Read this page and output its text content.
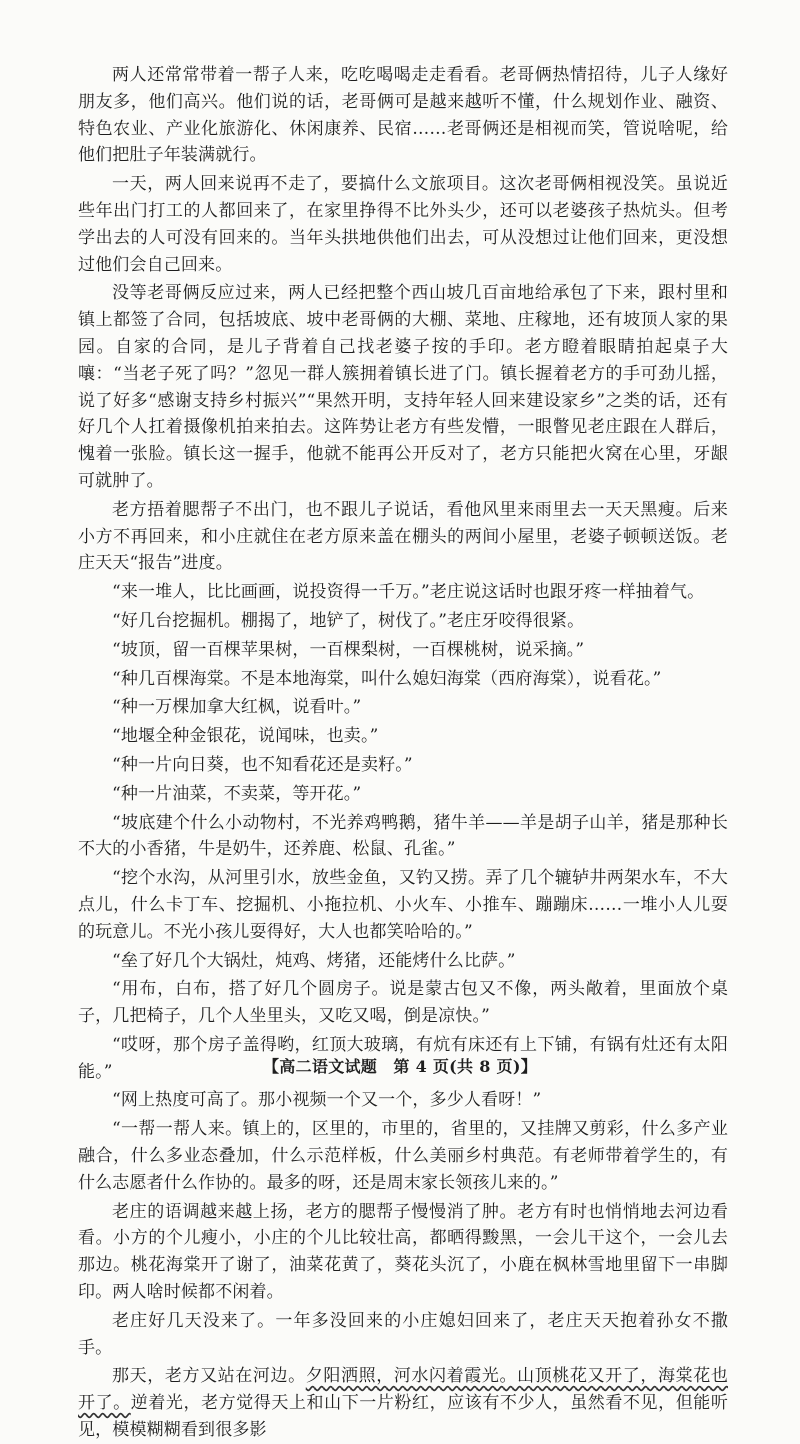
两人还常常带着一帮子人来，吃吃喝喝走走看看。老哥俩热情招待，儿子人缘好朋友多，他们高兴。他们说的话，老哥俩可是越来越听不懂，什么规划作业、融资、特色农业、产业化旅游化、休闲康养、民宿……老哥俩还是相视而笑，管说啥呢，给他们把肚子年装满就行。

一天，两人回来说再不走了，要搞什么文旅项目。这次老哥俩相视没笑。虽说近些年出门打工的人都回来了，在家里挣得不比外头少，还可以老婆孩子热炕头。但考学出去的人可没有回来的。当年头拱地供他们出去，可从没想过让他们回来，更没想过他们会自己回来。

没等老哥俩反应过来，两人已经把整个西山坡几百亩地给承包了下来，跟村里和镇上都签了合同，包括坡底、坡中老哥俩的大棚、菜地、庄稼地，还有坡顶人家的果园。自家的合同，是儿子背着自己找老婆子按的手印。老方瞪着眼睛拍起桌子大嚷：“当老子死了吗？”忽见一群人簇拥着镇长进了门。镇长握着老方的手可劲儿摇，说了好多“感谢支持乡村振兴”“果然开明，支持年轻人回来建设家乡”之类的话，还有好几个人扛着摄像机拍来拍去。这阵势让老方有些发懵，一眼瞥见老庄跟在人群后，愧着一张脸。镇长这一握手，他就不能再公开反对了，老方只能把火窝在心里，牙龈可就肿了。

老方捂着腮帮子不出门，也不跟儿子说话，看他风里来雨里去一天天黑瘦。后来小方不再回来，和小庄就住在老方原来盖在棚头的两间小屋里，老婆子顿顿送饭。老庄天天“报告”进度。

“来一堆人，比比画画，说投资得一千万。”老庄说这话时也跟牙疼一样抽着气。

“好几台挖掘机。棚揭了，地铲了，树伐了。”老庄牙咬得很紧。

“坡顶，留一百棵苹果树，一百棵梨树，一百棵桃树，说采摘。”

“种几百棵海棠。不是本地海棠，叫什么媳妇海棠（西府海棠），说看花。”

“种一万棵加拿大红枫，说看叶。”

“地堰全种金银花，说闻味，也卖。”

“种一片向日葵，也不知看花还是卖籽。”

“种一片油菜，不卖菜，等开花。”

“坡底建个什么小动物村，不光养鸡鸭鹅，猪牛羊——羊是胡子山羊，猪是那种长不大的小香猪，牛是奶牛，还养鹿、松鼠、孔雀。”

“挖个水沟，从河里引水，放些金鱼，又钓又捞。弄了几个辘轳井两架水车，不大点儿，什么卡丁车、挖掘机、小拖拉机、小火车、小推车、蹦蹦床……一堆小人儿耍的玩意儿。不光小孩儿耍得好，大人也都笑哈哈的。”

“垒了好几个大锅灶，炖鸡、烤猪，还能烤什么比萨。”

“用布，白布，搭了好几个圆房子。说是蒙古包又不像，两头敞着，里面放个桌子，几把椅子，几个人坐里头，又吃又喝，倒是凉快。”

“哎呀，那个房子盖得哟，红顶大玻璃，有炕有床还有上下铺，有锅有灶还有太阳能。”

“网上热度可高了。那小视频一个又一个，多少人看呀！”

“一帮一帮人来。镇上的，区里的，市里的，省里的，又挂牌又剪彩，什么多产业融合，什么多业态叠加，什么示范样板，什么美丽乡村典范。有老师带着学生的，有什么志愿者什么作协的。最多的呀，还是周末家长领孩儿来的。”

老庄的语调越来越上扬，老方的腮帮子慢慢消了肿。老方有时也悄悄地去河边看看。小方的个儿瘦小，小庄的个儿比较壮高，都晒得黢黑，一会儿干这个，一会儿去那边。桃花海棠开了谢了，油菜花黄了，葵花头沉了，小鹿在枫林雪地里留下一串脚印。两人啥时候都不闲着。

老庄好几天没来了。一年多没回来的小庄媳妇回来了，老庄天天抱着孙女不撒手。

那天，老方又站在河边。夕阳洒照，河水闪着霞光。山顶桃花又开了，海棠花也开了。逆着光，老方觉得天上和山下一片粉红，应该有不少人，虽然看不见，但能听见，模模糊糊看到很多影

【高二语文试题　第 4 页(共 8 页)】
